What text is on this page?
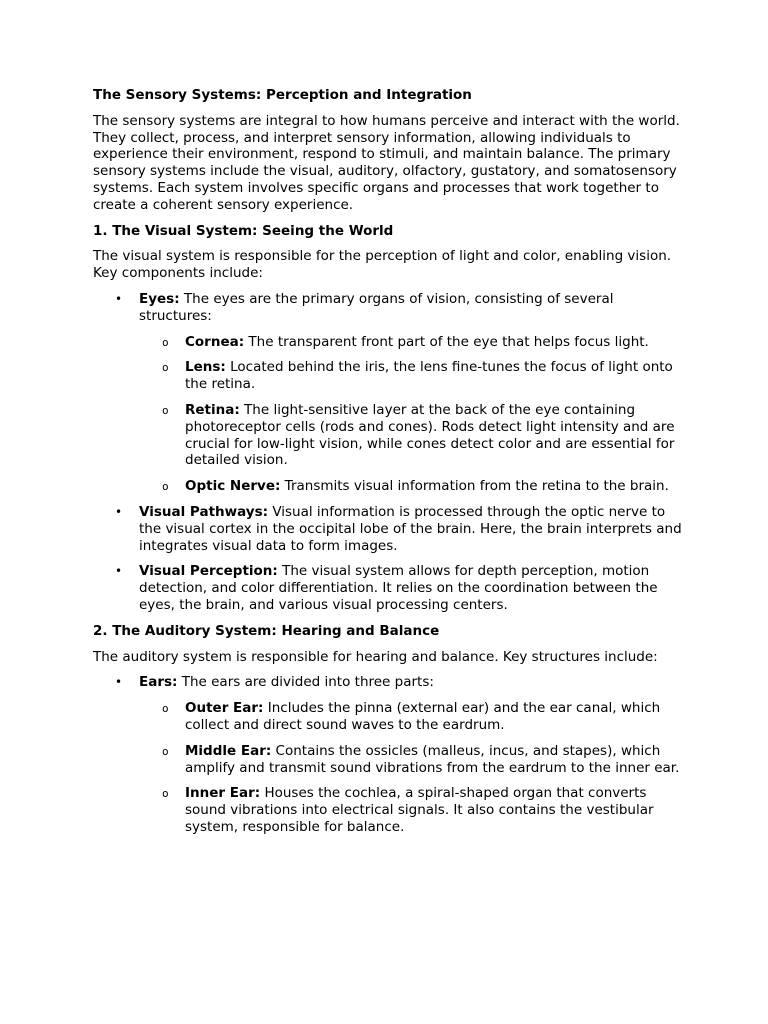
The Sensory Systems: Perception and Integration

The sensory systems are integral to how humans perceive and interact with the world. They collect, process, and interpret sensory information, allowing individuals to experience their environment, respond to stimuli, and maintain balance. The primary sensory systems include the visual, auditory, olfactory, gustatory, and somatosensory systems. Each system involves specific organs and processes that work together to create a coherent sensory experience.

1. The Visual System: Seeing the World

The visual system is responsible for the perception of light and color, enabling vision. Key components include:

• Eyes: The eyes are the primary organs of vision, consisting of several structures:
o Cornea: The transparent front part of the eye that helps focus light.
o Lens: Located behind the iris, the lens fine-tunes the focus of light onto the retina.
o Retina: The light-sensitive layer at the back of the eye containing photoreceptor cells (rods and cones). Rods detect light intensity and are crucial for low-light vision, while cones detect color and are essential for detailed vision.
o Optic Nerve: Transmits visual information from the retina to the brain.
• Visual Pathways: Visual information is processed through the optic nerve to the visual cortex in the occipital lobe of the brain. Here, the brain interprets and integrates visual data to form images.
• Visual Perception: The visual system allows for depth perception, motion detection, and color differentiation. It relies on the coordination between the eyes, the brain, and various visual processing centers.
2. The Auditory System: Hearing and Balance

The auditory system is responsible for hearing and balance. Key structures include:

• Ears: The ears are divided into three parts:
o Outer Ear: Includes the pinna (external ear) and the ear canal, which collect and direct sound waves to the eardrum.
o Middle Ear: Contains the ossicles (malleus, incus, and stapes), which amplify and transmit sound vibrations from the eardrum to the inner ear.
o Inner Ear: Houses the cochlea, a spiral-shaped organ that converts sound vibrations into electrical signals. It also contains the vestibular system, responsible for balance.
